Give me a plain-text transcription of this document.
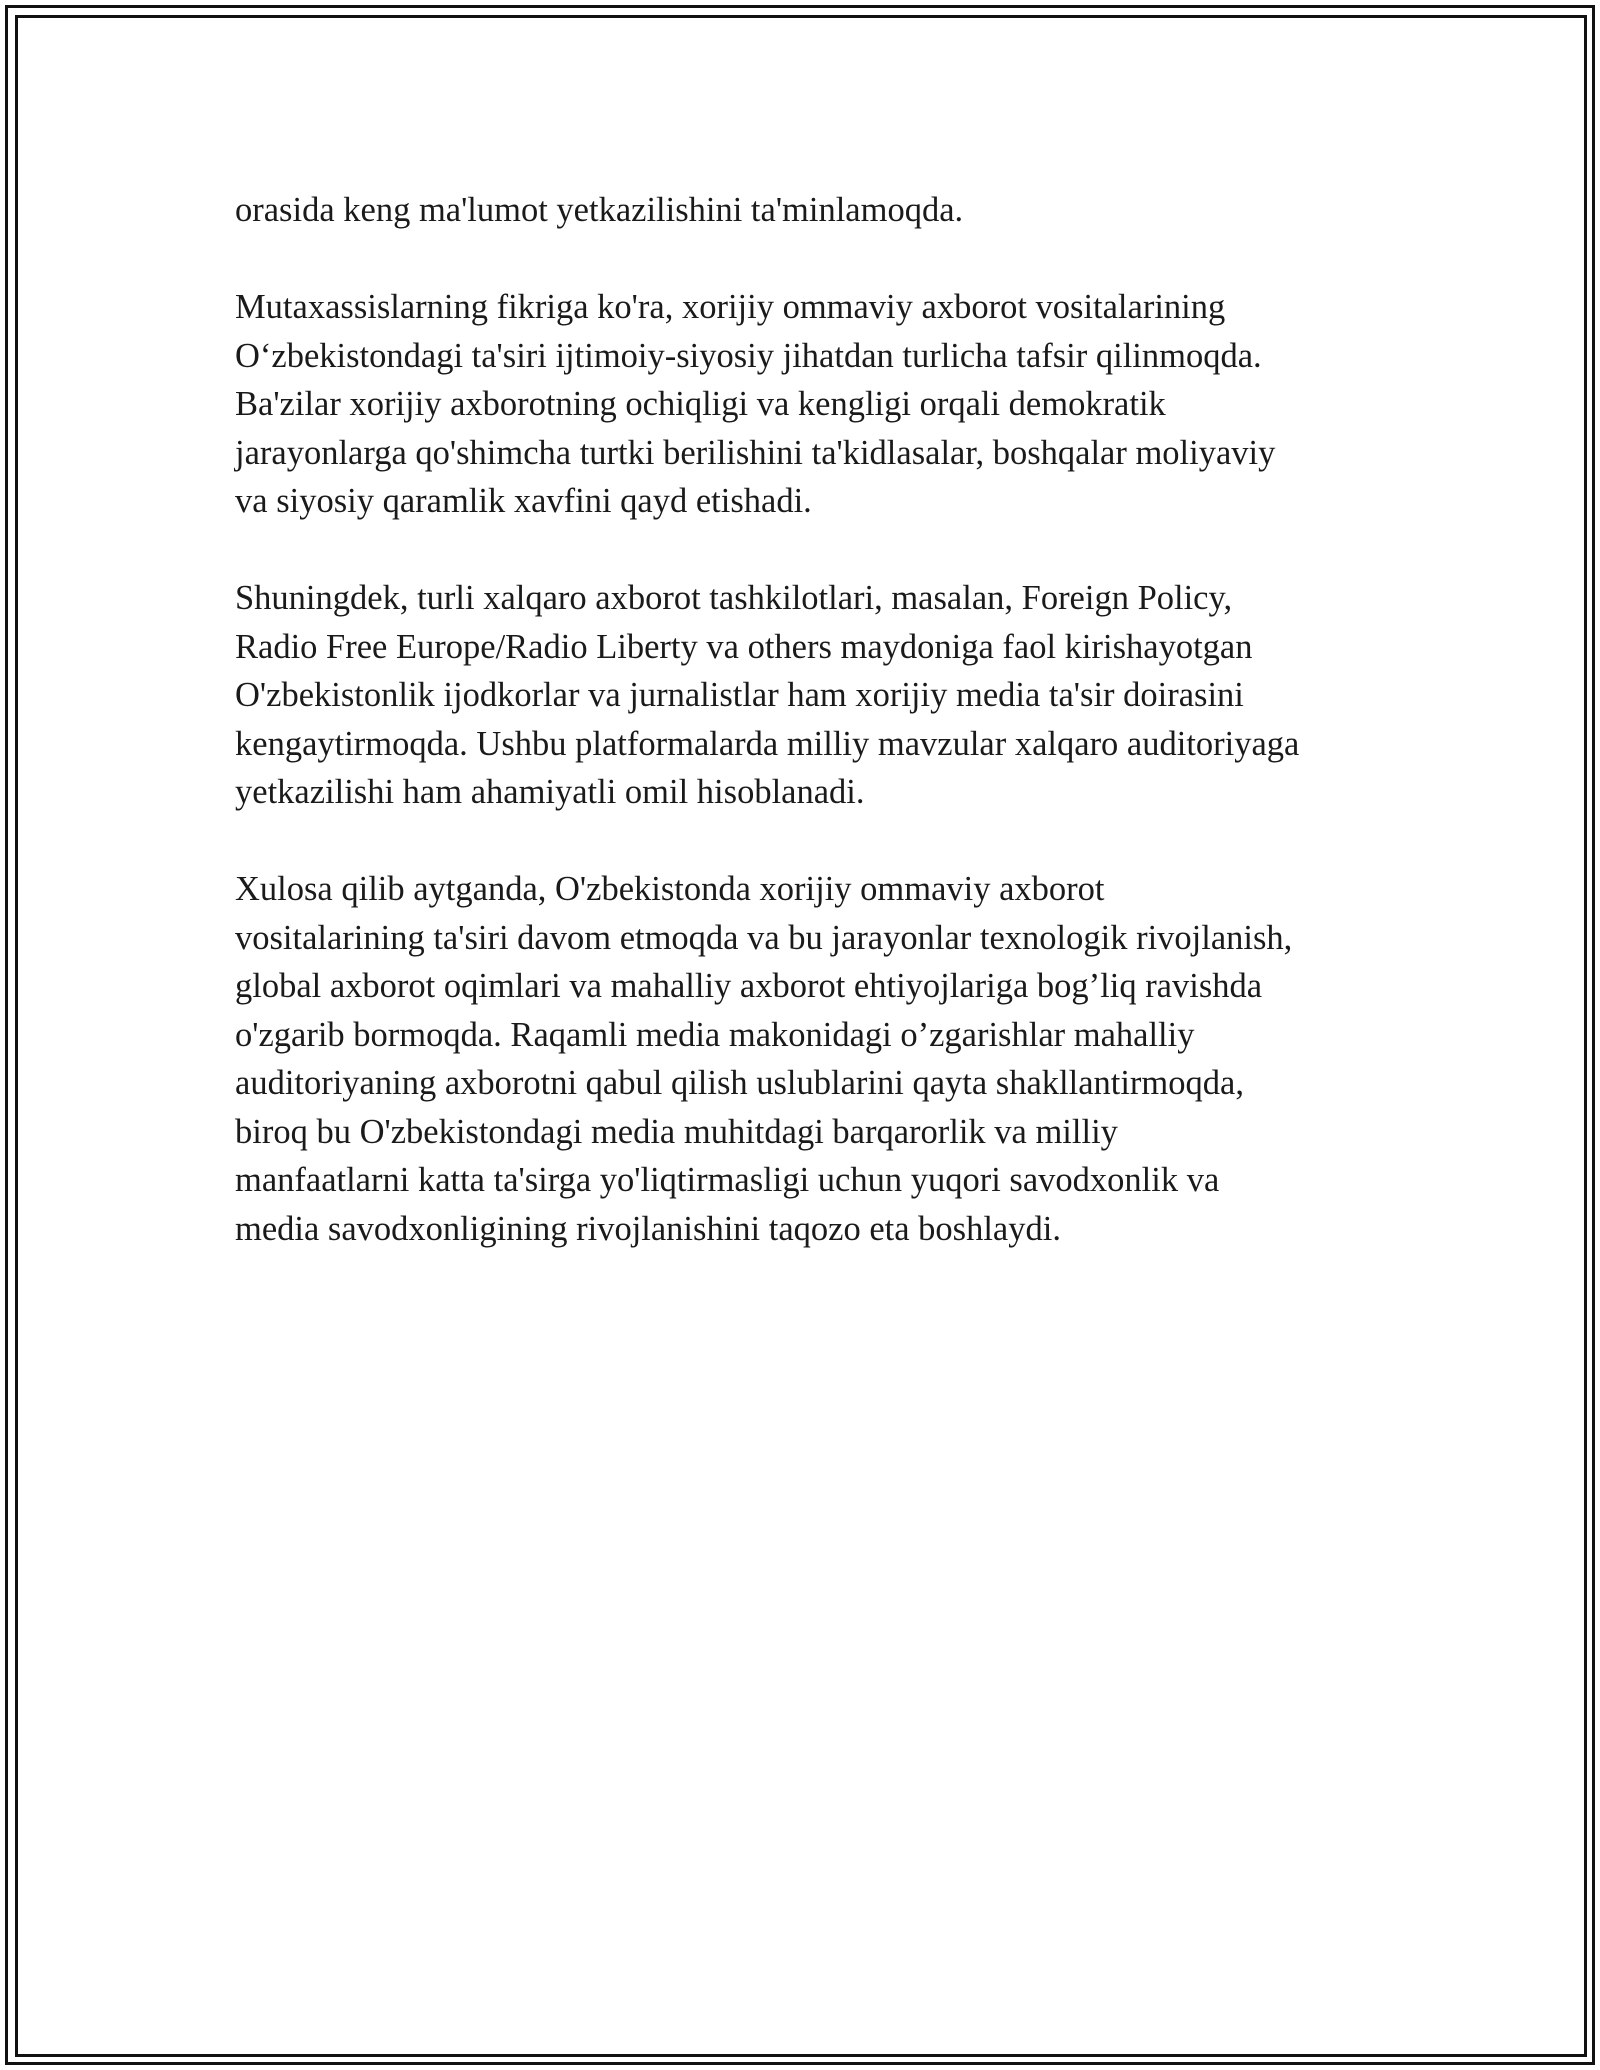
orasida keng ma'lumot yetkazilishini ta'minlamoqda.

Mutaxassislarning fikriga ko'ra, xorijiy ommaviy axborot vositalarining
O‘zbekistondagi ta'siri ijtimoiy-siyosiy jihatdan turlicha tafsir qilinmoqda.
Ba'zilar xorijiy axborotning ochiqligi va kengligi orqali demokratik
jarayonlarga qo'shimcha turtki berilishini ta'kidlasalar, boshqalar moliyaviy
va siyosiy qaramlik xavfini qayd etishadi.

Shuningdek, turli xalqaro axborot tashkilotlari, masalan, Foreign Policy,
Radio Free Europe/Radio Liberty va others maydoniga faol kirishayotgan
O'zbekistonlik ijodkorlar va jurnalistlar ham xorijiy media ta'sir doirasini
kengaytirmoqda. Ushbu platformalarda milliy mavzular xalqaro auditoriyaga
yetkazilishi ham ahamiyatli omil hisoblanadi.

Xulosa qilib aytganda, O'zbekistonda xorijiy ommaviy axborot
vositalarining ta'siri davom etmoqda va bu jarayonlar texnologik rivojlanish,
global axborot oqimlari va mahalliy axborot ehtiyojlariga bog’liq ravishda
o'zgarib bormoqda. Raqamli media makonidagi o’zgarishlar mahalliy
auditoriyaning axborotni qabul qilish uslublarini qayta shakllantirmoqda,
biroq bu O'zbekistondagi media muhitdagi barqarorlik va milliy
manfaatlarni katta ta'sirga yo'liqtirmasligi uchun yuqori savodxonlik va
media savodxonligining rivojlanishini taqozo eta boshlaydi.
